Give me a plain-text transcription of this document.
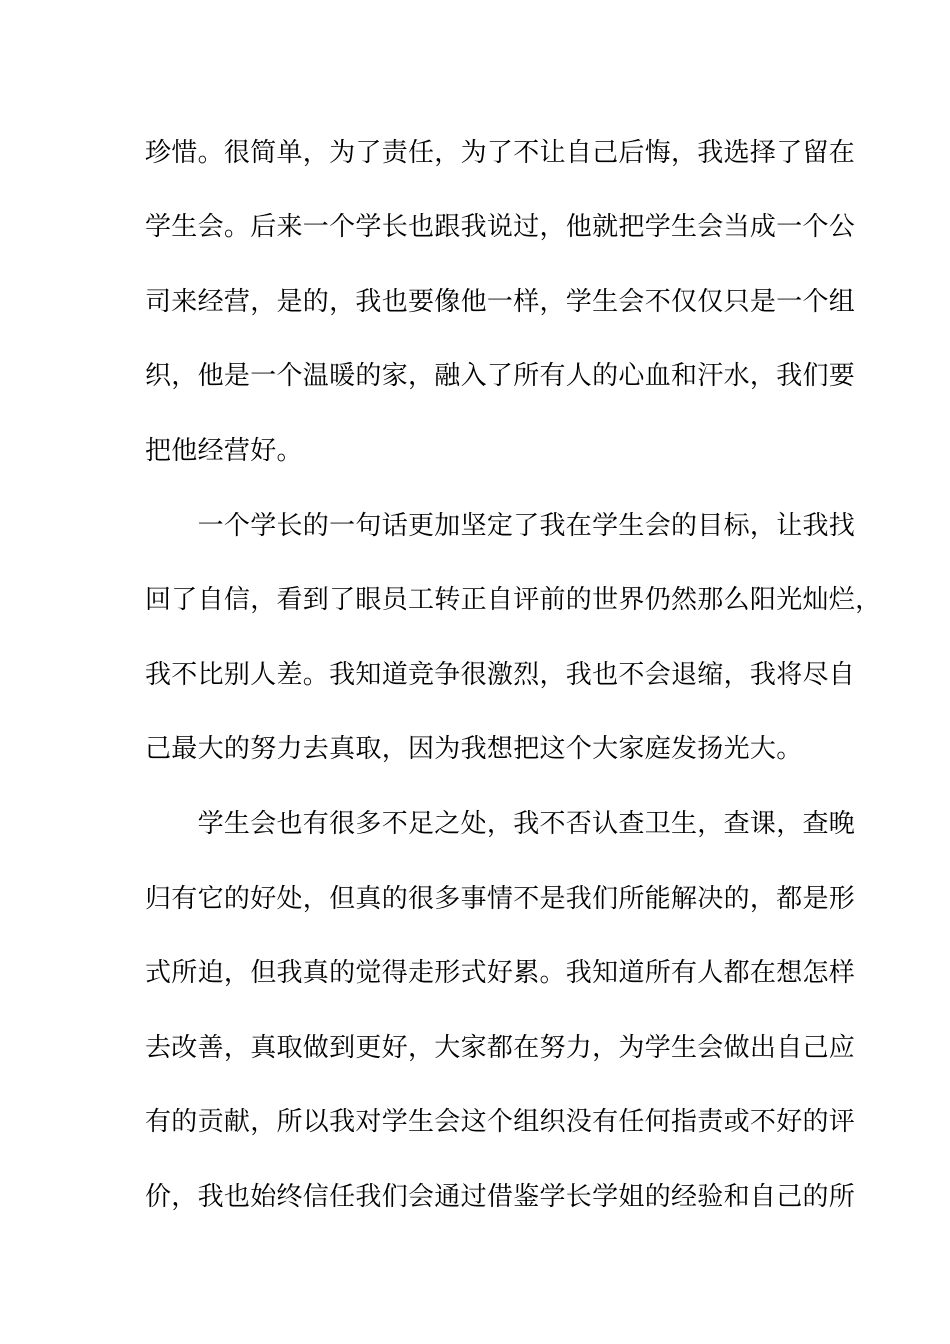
珍惜。很简单，为了责任，为了不让自己后悔，我选择了留在
学生会。后来一个学长也跟我说过，他就把学生会当成一个公
司来经营，是的，我也要像他一样，学生会不仅仅只是一个组
织，他是一个温暖的家，融入了所有人的心血和汗水，我们要
把他经营好。
　　一个学长的一句话更加坚定了我在学生会的目标，让我找
回了自信，看到了眼员工转正自评前的世界仍然那么阳光灿烂，
我不比别人差。我知道竞争很激烈，我也不会退缩，我将尽自
己最大的努力去真取，因为我想把这个大家庭发扬光大。
　　学生会也有很多不足之处，我不否认查卫生，查课，查晚
归有它的好处，但真的很多事情不是我们所能解决的，都是形
式所迫，但我真的觉得走形式好累。我知道所有人都在想怎样
去改善，真取做到更好，大家都在努力，为学生会做出自己应
有的贡献，所以我对学生会这个组织没有任何指责或不好的评
价，我也始终信任我们会通过借鉴学长学姐的经验和自己的所
